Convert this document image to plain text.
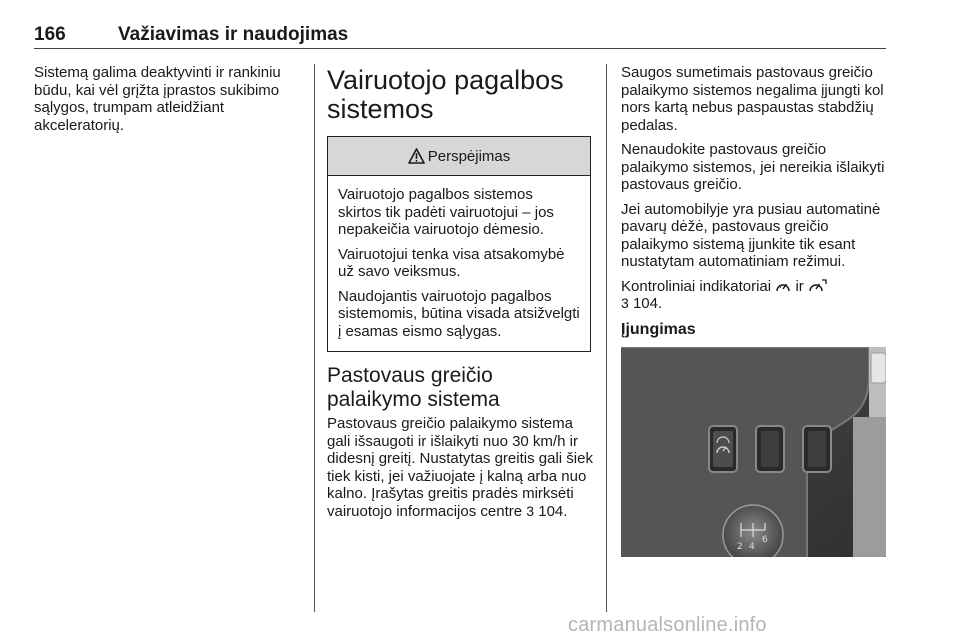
166	Važiavimas ir naudojimas

Sistemą galima deaktyvinti ir rankiniu būdu, kai vėl grįžta įprastos sukibimo sąlygos, trumpam atleidžiant akceleratorių.

Vairuotojo pagalbos sistemos
Perspėjimas

Vairuotojo pagalbos sistemos skirtos tik padėti vairuotojui – jos nepakeičia vairuotojo dėmesio.

Vairuotojui tenka visa atsakomybė už savo veiksmus.

Naudojantis vairuotojo pagalbos sistemomis, būtina visada atsižvelgti į esamas eismo sąlygas.

Pastovaus greičio palaikymo sistema

Pastovaus greičio palaikymo sistema gali išsaugoti ir išlaikyti nuo 30 km/h ir didesnį greitį. Nustatytas greitis gali šiek tiek kisti, jei važiuojate į kalną arba nuo kalno. Įrašytas greitis pradės mirksėti vairuotojo informacijos centre 3 104.

Saugos sumetimais pastovaus greičio palaikymo sistemos negalima įjungti kol nors kartą nebus paspaustas stabdžių pedalas.

Nenaudokite pastovaus greičio palaikymo sistemos, jei nereikia išlaikyti pastovaus greičio.

Jei automobilyje yra pusiau automatinė pavarų dėžė, pastovaus greičio palaikymo sistemą įjunkite tik esant nustatytam automatiniam režimui.

Kontroliniai indikatoriai ir
3 104.

Įjungimas
2 4
6
carmanualsonline.info
